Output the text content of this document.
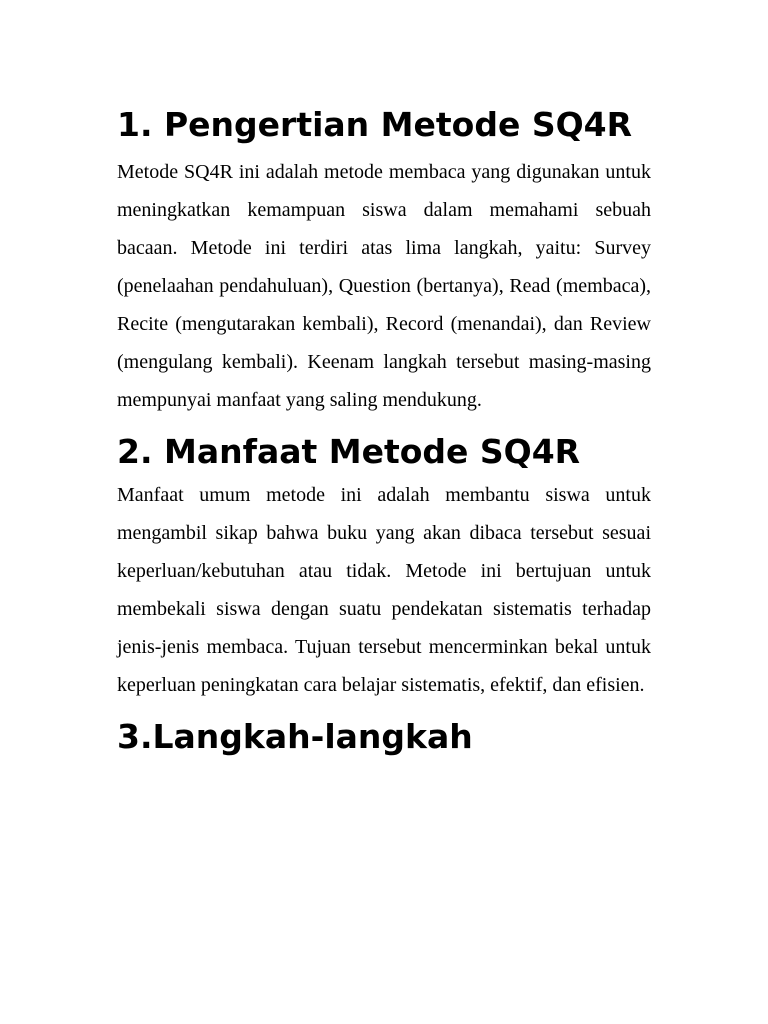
1. Pengertian Metode SQ4R

Metode SQ4R ini adalah metode membaca yang digunakan untuk meningkatkan kemampuan siswa dalam memahami sebuah bacaan. Metode ini terdiri atas lima langkah, yaitu: Survey (penelaahan pendahuluan), Question (bertanya), Read (membaca), Recite (mengutarakan kembali), Record (menandai), dan Review (mengulang kembali). Keenam langkah tersebut masing-masing mempunyai manfaat yang saling mendukung.

2. Manfaat Metode SQ4R

Manfaat umum metode ini adalah membantu siswa untuk mengambil sikap bahwa buku yang akan dibaca tersebut sesuai keperluan/kebutuhan atau tidak. Metode ini bertujuan untuk membekali siswa dengan suatu pendekatan sistematis terhadap jenis-jenis membaca. Tujuan tersebut mencerminkan bekal untuk keperluan peningkatan cara belajar sistematis, efektif, dan efisien.

3.Langkah-langkah
